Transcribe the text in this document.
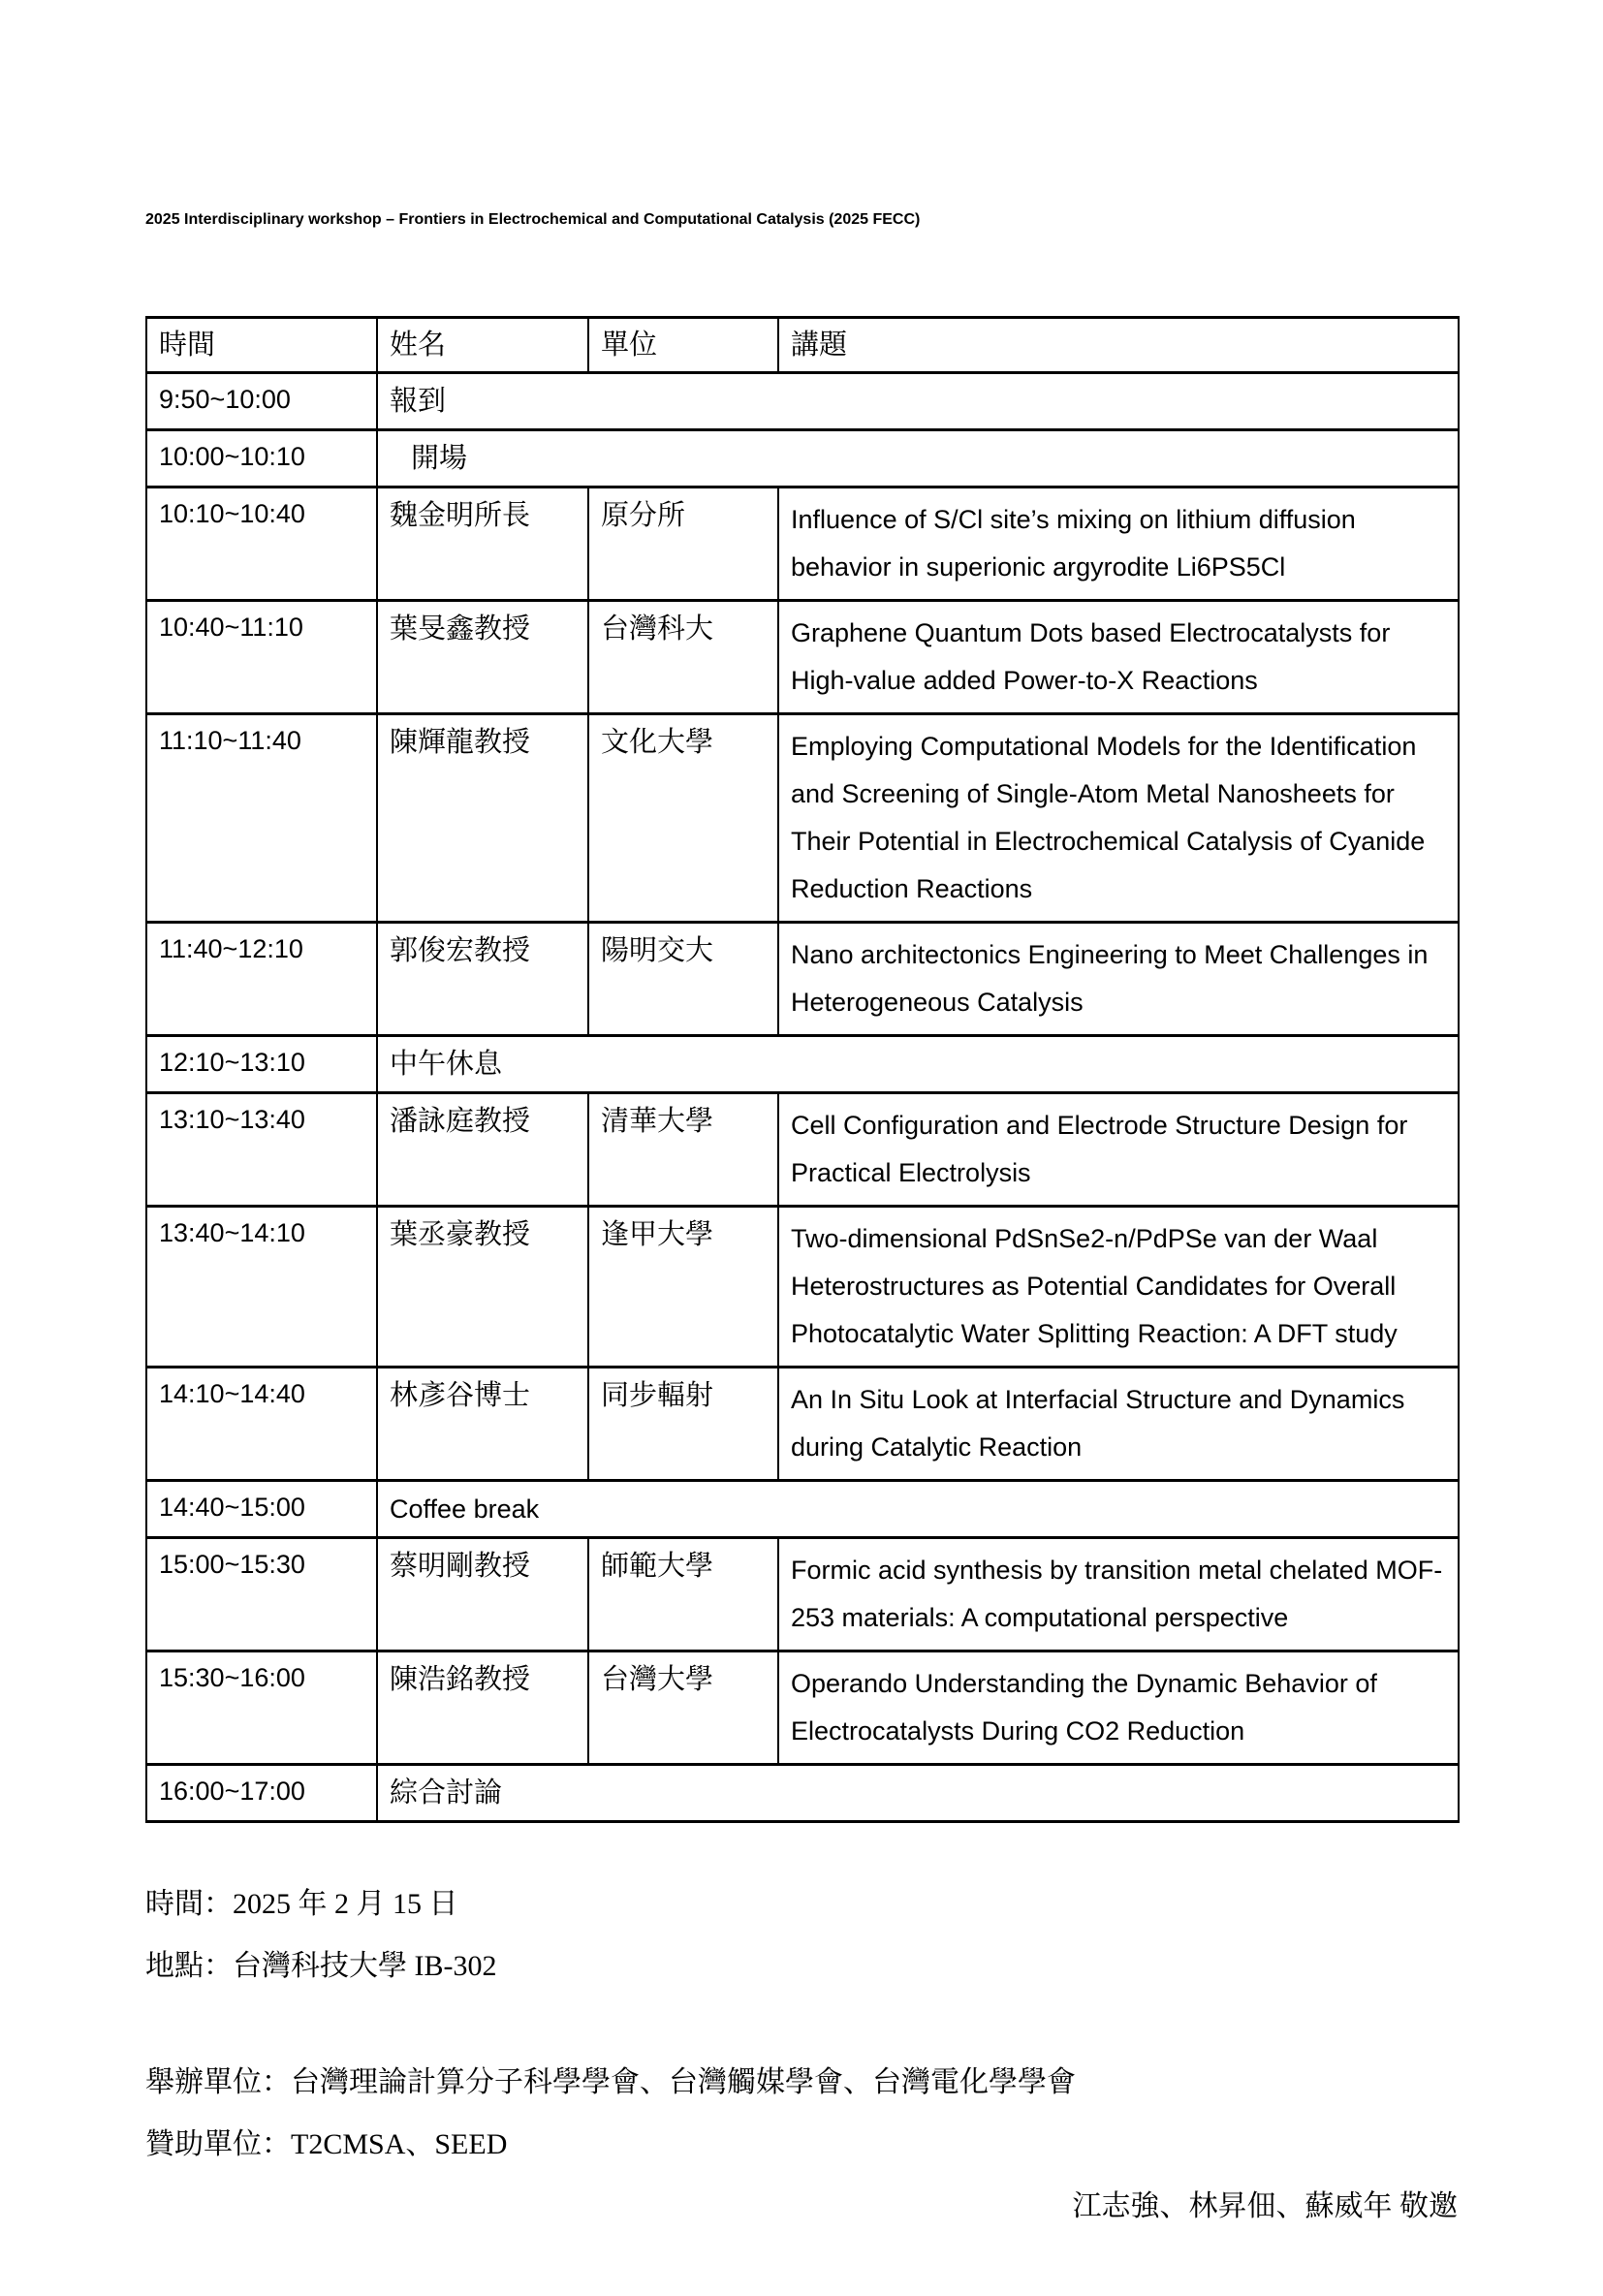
2025 Interdisciplinary workshop – Frontiers in Electrochemical and Computational Catalysis (2025 FECC)

時間	姓名	單位	講題
9:50~10:00	報到		
10:00~10:10	開場		
10:10~10:40	魏金明所長	原分所	Influence of S/Cl site’s mixing on lithium diffusion behavior in superionic argyrodite Li6PS5Cl
10:40~11:10	葉旻鑫教授	台灣科大	Graphene Quantum Dots based Electrocatalysts for High-value added Power-to-X Reactions
11:10~11:40	陳輝龍教授	文化大學	Employing Computational Models for the Identification and Screening of Single-Atom Metal Nanosheets for Their Potential in Electrochemical Catalysis of Cyanide Reduction Reactions
11:40~12:10	郭俊宏教授	陽明交大	Nano architectonics Engineering to Meet Challenges in Heterogeneous Catalysis
12:10~13:10	中午休息		
13:10~13:40	潘詠庭教授	清華大學	Cell Configuration and Electrode Structure Design for Practical Electrolysis
13:40~14:10	葉丞豪教授	逢甲大學	Two-dimensional PdSnSe2-n/PdPSe van der Waal Heterostructures as Potential Candidates for Overall Photocatalytic Water Splitting Reaction: A DFT study
14:10~14:40	林彥谷博士	同步輻射	An In Situ Look at Interfacial Structure and Dynamics during Catalytic Reaction
14:40~15:00	Coffee break		
15:00~15:30	蔡明剛教授	師範大學	Formic acid synthesis by transition metal chelated MOF-253 materials: A computational perspective
15:30~16:00	陳浩銘教授	台灣大學	Operando Understanding the Dynamic Behavior of Electrocatalysts During CO2 Reduction
16:00~17:00	綜合討論		

時間：2025 年 2 月 15 日

地點：台灣科技大學 IB-302

舉辦單位：台灣理論計算分子科學學會、台灣觸媒學會、台灣電化學學會

贊助單位：T2CMSA、SEED

江志強、林昇佃、蘇威年 敬邀
